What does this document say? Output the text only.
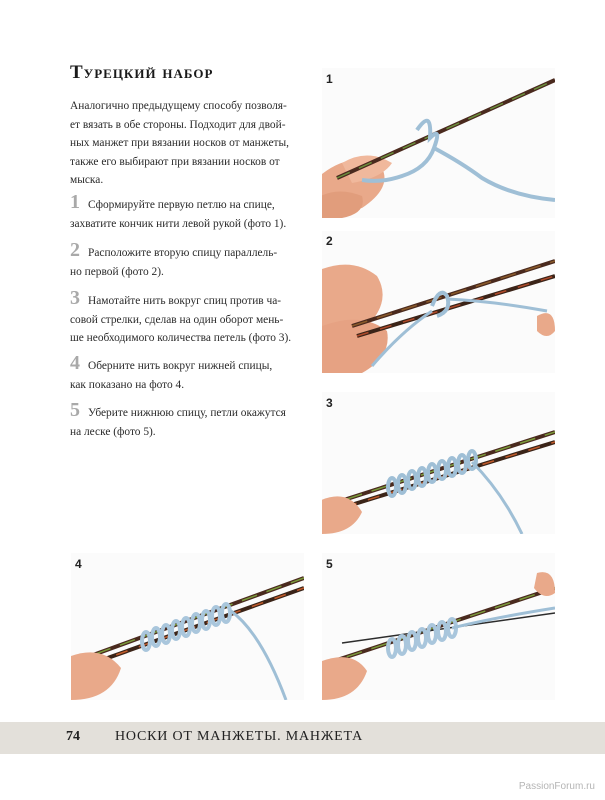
Турецкий набор
Аналогично предыдущему способу позволя-
ет вязать в обе стороны. Подходит для двой-
ных манжет при вязании носков от манжеты,
также его выбирают при вязании носков от
мыска.
1 Сформируйте первую петлю на спице,
захватите кончик нити левой рукой (фото 1).
2 Расположите вторую спицу параллель-
но первой (фото 2).
3 Намотайте нить вокруг спиц против ча-
совой стрелки, сделав на один оборот мень-
ше необходимого количества петель (фото 3).
4 Оберните нить вокруг нижней спицы,
как показано на фото 4.
5 Уберите нижнюю спицу, петли окажутся
на леске (фото 5).
1
2
3
4	5
74	НОСКИ ОТ МАНЖЕТЫ. МАНЖЕТА
PassionForum.ru
